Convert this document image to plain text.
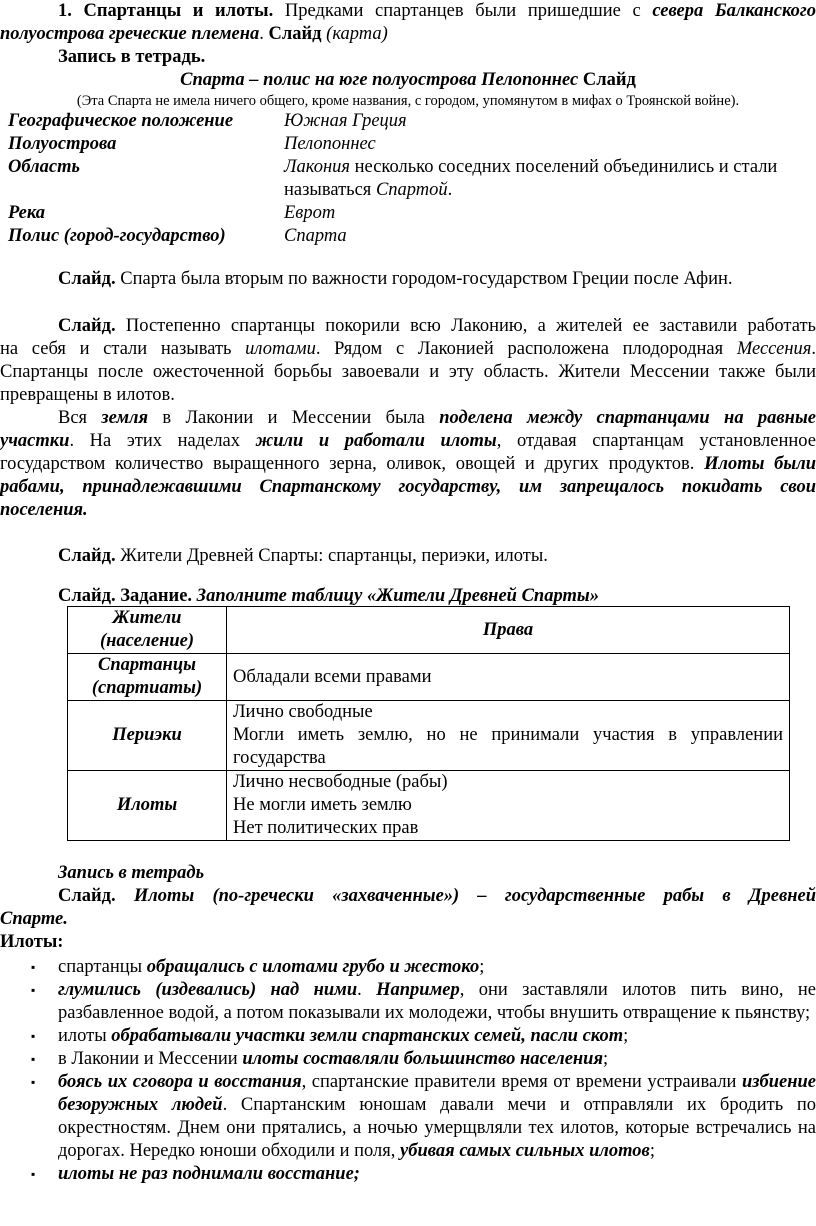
1. Спартанцы и илоты. Предками спартанцев были пришедшие с севера Балканского
полуострова греческие племена. Слайд (карта)
Запись в тетрадь.
Спарта – полис на юге полуострова Пелопоннес Слайд
(Эта Спарта не имела ничего общего, кроме названия, с городом, упомянутом в мифах о Троянской войне).
Географическое положение	Южная Греция
Полуострова	Пелопоннес
Область	Лакония несколько соседних поселений объединились и стали
называться Спартой.
Река	Еврот
Полис (город-государство)	Спарта
Слайд. Спарта была вторым по важности городом-государством Греции после Афин.
Слайд. Постепенно спартанцы покорили всю Лаконию, а жителей ее заставили работать
на себя и стали называть илотами. Рядом с Лаконией расположена плодородная Мессения.
Спартанцы после ожесточенной борьбы завоевали и эту область. Жители Мессении также были
превращены в илотов.
Вся земля в Лаконии и Мессении была поделена между спартанцами на равные
участки. На этих наделах жили и работали илоты, отдавая спартанцам установленное
государством количество выращенного зерна, оливок, овощей и других продуктов. Илоты были
рабами, принадлежавшими Спартанскому государству, им запрещалось покидать свои
поселения.
Слайд. Жители Древней Спарты: спартанцы, периэки, илоты.
Слайд. Задание. Заполните таблицу «Жители Древней Спарты»
Жители
(население)	Права

Спартанцы
(спартиаты)	Обладали всеми правами

Периэки	Лично свободные
Могли иметь землю, но не принимали участия в управлении
государства

Илоты	Лично несвободные (рабы)
Не могли иметь землю
Нет политических прав
Запись в тетрадь
Слайд. Илоты (по-гречески «захваченные») – государственные рабы в Древней
Спарте.
Илоты:
▪ спартанцы обращались с илотами грубо и жестоко;
▪ глумились (издевались) над ними. Например, они заставляли илотов пить вино, не разбавленное водой, а потом показывали их молодежи, чтобы внушить отвращение к пьянству;
▪ илоты обрабатывали участки земли спартанских семей, пасли скот;
▪ в Лаконии и Мессении илоты составляли большинство населения;
▪ боясь их сговора и восстания, спартанские правители время от времени устраивали избиение безоружных людей. Спартанским юношам давали мечи и отправляли их бродить по окрестностям. Днем они прятались, а ночью умерщвляли тех илотов, которые встречались на дорогах. Нередко юноши обходили и поля, убивая самых сильных илотов;
▪ илоты не раз поднимали восстание;
